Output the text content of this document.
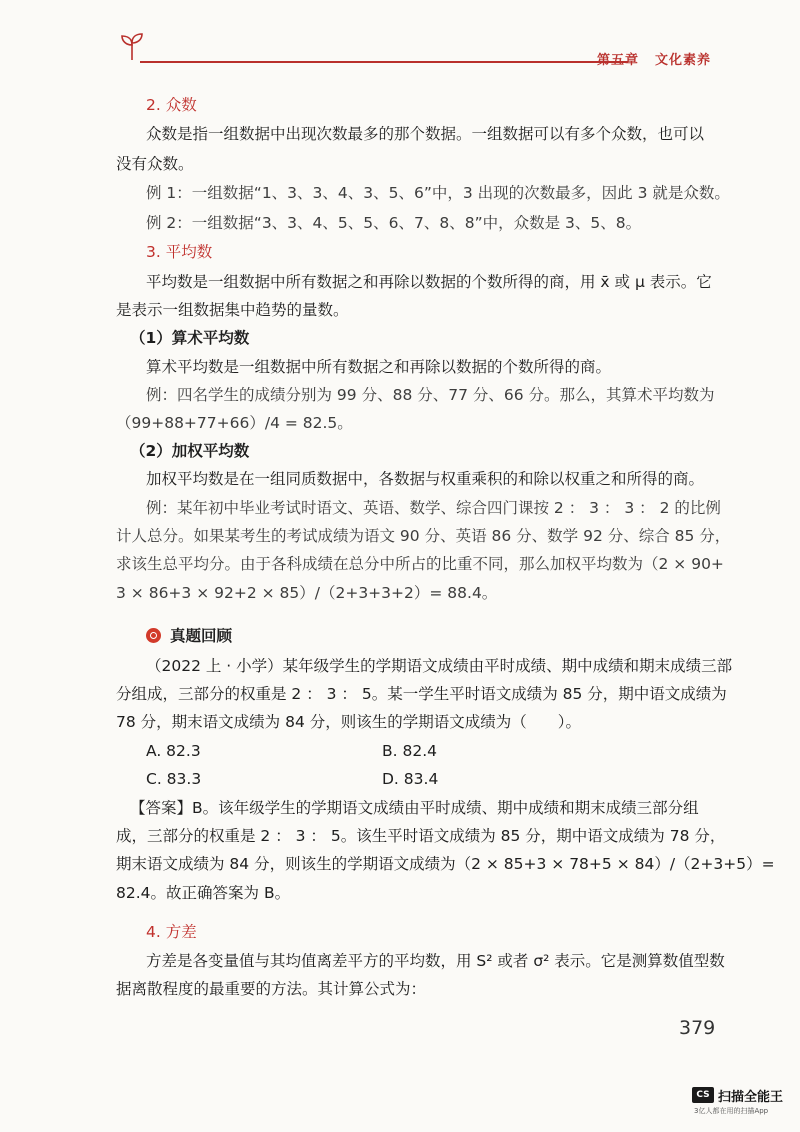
第五章 文化素养
2. 众数
众数是指一组数据中出现次数最多的那个数据。一组数据可以有多个众数，也可以
没有众数。
例 1：一组数据“1、3、3、4、3、5、6”中，3 出现的次数最多，因此 3 就是众数。
例 2：一组数据“3、3、4、5、5、6、7、8、8”中，众数是 3、5、8。
3. 平均数
平均数是一组数据中所有数据之和再除以数据的个数所得的商，用 x̄ 或 μ 表示。它
是表示一组数据集中趋势的量数。
（1）算术平均数
算术平均数是一组数据中所有数据之和再除以数据的个数所得的商。
例：四名学生的成绩分别为 99 分、88 分、77 分、66 分。那么，其算术平均数为
（99+88+77+66）/4 = 82.5。
（2）加权平均数
加权平均数是在一组同质数据中，各数据与权重乘积的和除以权重之和所得的商。
例：某年初中毕业考试时语文、英语、数学、综合四门课按 2 ： 3 ： 3 ： 2 的比例
计人总分。如果某考生的考试成绩为语文 90 分、英语 86 分、数学 92 分、综合 85 分，
求该生总平均分。由于各科成绩在总分中所占的比重不同，那么加权平均数为（2 × 90+
3 × 86+3 × 92+2 × 85）/（2+3+3+2）= 88.4。
真题回顾
（2022 上 · 小学）某年级学生的学期语文成绩由平时成绩、期中成绩和期末成绩三部
分组成，三部分的权重是 2 ： 3 ： 5。某一学生平时语文成绩为 85 分，期中语文成绩为
78 分，期末语文成绩为 84 分，则该生的学期语文成绩为（　　）。
A. 82.3	B. 82.4
C. 83.3	D. 83.4
【答案】B。该年级学生的学期语文成绩由平时成绩、期中成绩和期末成绩三部分组
成，三部分的权重是 2 ： 3 ： 5。该生平时语文成绩为 85 分，期中语文成绩为 78 分，
期末语文成绩为 84 分，则该生的学期语文成绩为（2 × 85+3 × 78+5 × 84）/（2+3+5）=
82.4。故正确答案为 B。
4. 方差
方差是各变量值与其均值离差平方的平均数，用 S² 或者 σ² 表示。它是测算数值型数
据离散程度的最重要的方法。其计算公式为：
379
CS 扫描全能王
3亿人都在用的扫描App
